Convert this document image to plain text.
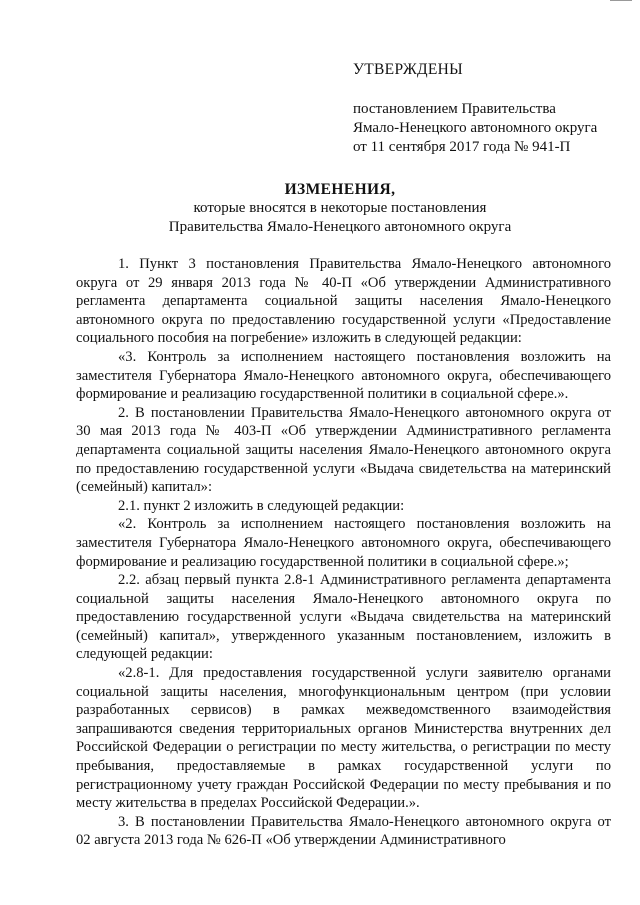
УТВЕРЖДЕНЫ
постановлением Правительства
Ямало-Ненецкого автономного округа
от 11 сентября 2017 года № 941-П
ИЗМЕНЕНИЯ,
которые вносятся в некоторые постановления
Правительства Ямало-Ненецкого автономного округа

1. Пункт 3 постановления Правительства Ямало-Ненецкого автономного округа от 29 января 2013 года № 40-П «Об утверждении Административного регламента департамента социальной защиты населения Ямало-Ненецкого автономного округа по предоставлению государственной услуги «Предоставление социального пособия на погребение» изложить в следующей редакции:

«3. Контроль за исполнением настоящего постановления возложить на заместителя Губернатора Ямало-Ненецкого автономного округа, обеспечивающего формирование и реализацию государственной политики в социальной сфере.».

2. В постановлении Правительства Ямало-Ненецкого автономного округа от 30 мая 2013 года № 403-П «Об утверждении Административного регламента департамента социальной защиты населения Ямало-Ненецкого автономного округа по предоставлению государственной услуги «Выдача свидетельства на материнский (семейный) капитал»:

2.1. пункт 2 изложить в следующей редакции:

«2. Контроль за исполнением настоящего постановления возложить на заместителя Губернатора Ямало-Ненецкого автономного округа, обеспечивающего формирование и реализацию государственной политики в социальной сфере.»;

2.2. абзац первый пункта 2.8-1 Административного регламента департамента социальной защиты населения Ямало-Ненецкого автономного округа по предоставлению государственной услуги «Выдача свидетельства на материнский (семейный) капитал», утвержденного указанным постановлением, изложить в следующей редакции:

«2.8-1. Для предоставления государственной услуги заявителю органами социальной защиты населения, многофункциональным центром (при условии разработанных сервисов) в рамках межведомственного взаимодействия запрашиваются сведения территориальных органов Министерства внутренних дел Российской Федерации о регистрации по месту жительства, о регистрации по месту пребывания, предоставляемые в рамках государственной услуги по регистрационному учету граждан Российской Федерации по месту пребывания и по месту жительства в пределах Российской Федерации.».

3. В постановлении Правительства Ямало-Ненецкого автономного округа от 02 августа 2013 года № 626-П «Об утверждении Административного
